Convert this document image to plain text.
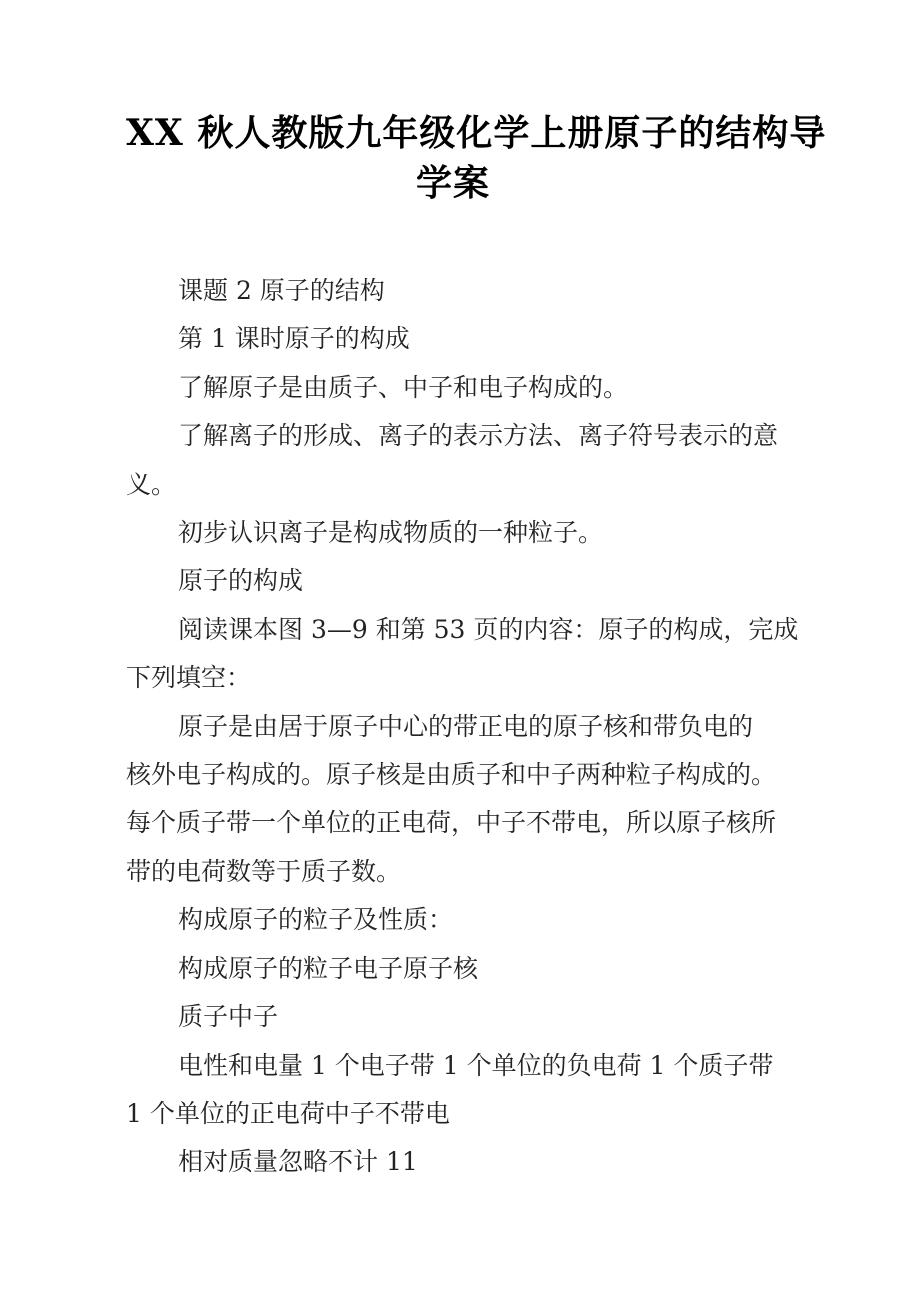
XX 秋人教版九年级化学上册原子的结构导
学案
课题 2 原子的结构
第 1 课时原子的构成
了解原子是由质子、中子和电子构成的。
了解离子的形成、离子的表示方法、离子符号表示的意
义。
初步认识离子是构成物质的一种粒子。
原子的构成
阅读课本图 3—9 和第 53 页的内容：原子的构成，完成
下列填空：
原子是由居于原子中心的带正电的原子核和带负电的
核外电子构成的。原子核是由质子和中子两种粒子构成的。
每个质子带一个单位的正电荷，中子不带电，所以原子核所
带的电荷数等于质子数。
构成原子的粒子及性质：
构成原子的粒子电子原子核
质子中子
电性和电量 1 个电子带 1 个单位的负电荷 1 个质子带
1 个单位的正电荷中子不带电
相对质量忽略不计 11
